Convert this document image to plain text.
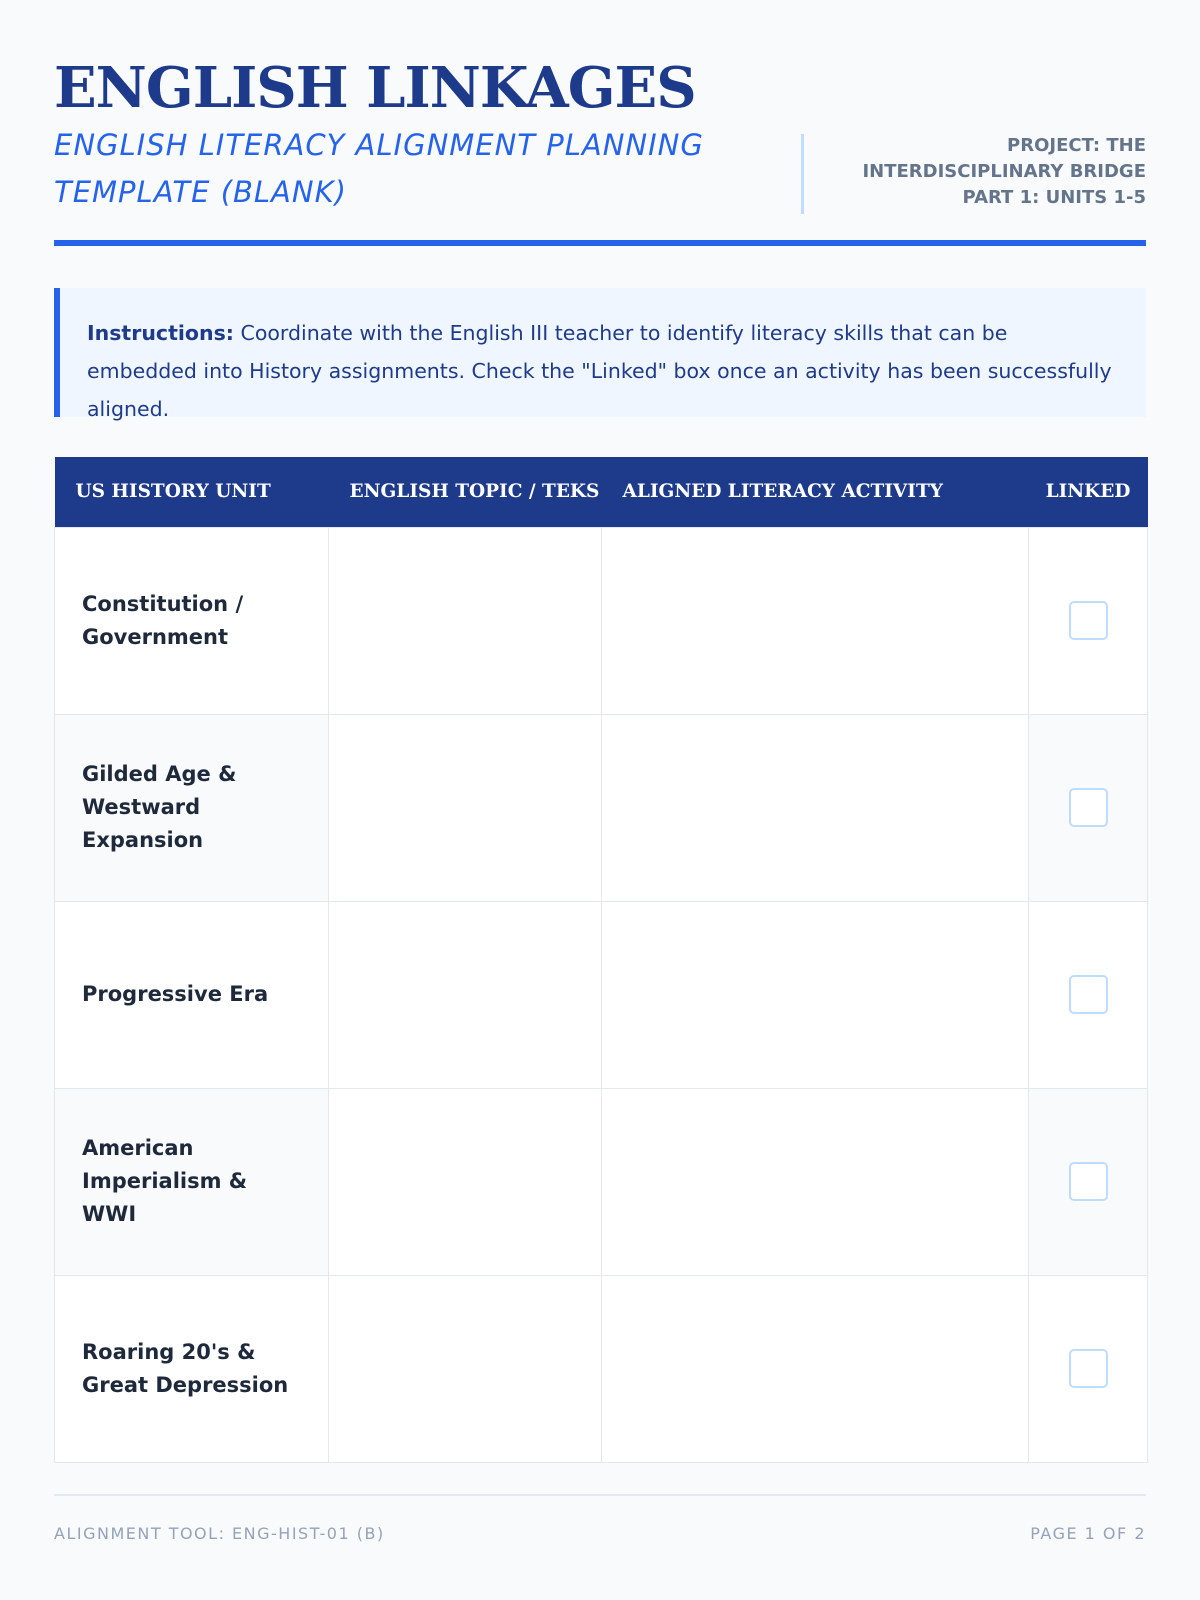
ENGLISH LINKAGES
ENGLISH LITERACY ALIGNMENT PLANNING TEMPLATE (BLANK)
PROJECT: THE
INTERDISCIPLINARY BRIDGE
PART 1: UNITS 1-5
Instructions: Coordinate with the English III teacher to identify literacy skills that can be embedded into History assignments. Check the "Linked" box once an activity has been successfully aligned.
US HISTORY UNIT	ENGLISH TOPIC / TEKS	ALIGNED LITERACY ACTIVITY	LINKED
Constitution / Government			
Gilded Age & Westward Expansion			
Progressive Era			
American Imperialism & WWI			
Roaring 20's & Great Depression			
ALIGNMENT TOOL: ENG-HIST-01 (B)	PAGE 1 OF 2
